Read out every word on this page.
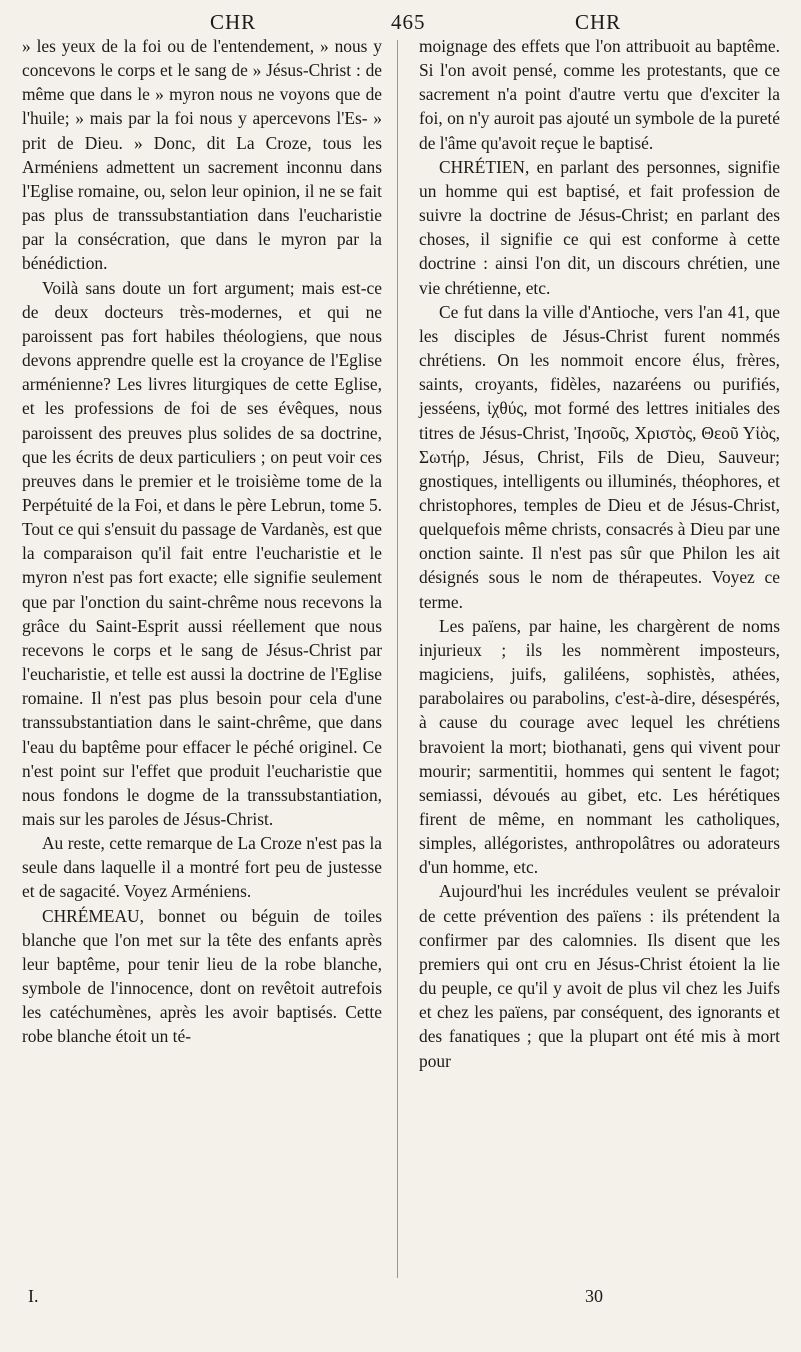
CHR	465	CHR

» les yeux de la foi ou de l'entendement, » nous y concevons le corps et le sang de » Jésus-Christ : de même que dans le » myron nous ne voyons que de l'huile; » mais par la foi nous y apercevons l'Es- » prit de Dieu. » Donc, dit La Croze, tous les Arméniens admettent un sacrement inconnu dans l'Eglise romaine, ou, selon leur opinion, il ne se fait pas plus de transsubstantiation dans l'eucharistie par la consécration, que dans le myron par la bénédiction.

Voilà sans doute un fort argument; mais est-ce de deux docteurs très-modernes, et qui ne paroissent pas fort habiles théologiens, que nous devons apprendre quelle est la croyance de l'Eglise arménienne? Les livres liturgiques de cette Eglise, et les professions de foi de ses évêques, nous paroissent des preuves plus solides de sa doctrine, que les écrits de deux particuliers ; on peut voir ces preuves dans le premier et le troisième tome de la Perpétuité de la Foi, et dans le père Lebrun, tome 5. Tout ce qui s'ensuit du passage de Vardanès, est que la comparaison qu'il fait entre l'eucharistie et le myron n'est pas fort exacte; elle signifie seulement que par l'onction du saint-chrême nous recevons la grâce du Saint-Esprit aussi réellement que nous recevons le corps et le sang de Jésus-Christ par l'eucharistie, et telle est aussi la doctrine de l'Eglise romaine. Il n'est pas plus besoin pour cela d'une transsubstantiation dans le saint-chrême, que dans l'eau du baptême pour effacer le péché originel. Ce n'est point sur l'effet que produit l'eucharistie que nous fondons le dogme de la transsubstantiation, mais sur les paroles de Jésus-Christ.

Au reste, cette remarque de La Croze n'est pas la seule dans laquelle il a montré fort peu de justesse et de sagacité. Voyez Arméniens.

CHRÉMEAU, bonnet ou béguin de toiles blanche que l'on met sur la tête des enfants après leur baptême, pour tenir lieu de la robe blanche, symbole de l'innocence, dont on revêtoit autrefois les catéchumènes, après les avoir baptisés. Cette robe blanche étoit un té-

moignage des effets que l'on attribuoit au baptême. Si l'on avoit pensé, comme les protestants, que ce sacrement n'a point d'autre vertu que d'exciter la foi, on n'y auroit pas ajouté un symbole de la pureté de l'âme qu'avoit reçue le baptisé.

CHRÉTIEN, en parlant des personnes, signifie un homme qui est baptisé, et fait profession de suivre la doctrine de Jésus-Christ; en parlant des choses, il signifie ce qui est conforme à cette doctrine : ainsi l'on dit, un discours chrétien, une vie chrétienne, etc.

Ce fut dans la ville d'Antioche, vers l'an 41, que les disciples de Jésus-Christ furent nommés chrétiens. On les nommoit encore élus, frères, saints, croyants, fidèles, nazaréens ou purifiés, jesséens, ἰχθύς, mot formé des lettres initiales des titres de Jésus-Christ, Ἰησοῦς, Χριστὸς, Θεοῦ Υἱὸς, Σωτήρ, Jésus, Christ, Fils de Dieu, Sauveur; gnostiques, intelligents ou illuminés, théophores, et christophores, temples de Dieu et de Jésus-Christ, quelquefois même christs, consacrés à Dieu par une onction sainte. Il n'est pas sûr que Philon les ait désignés sous le nom de thérapeutes. Voyez ce terme.

Les païens, par haine, les chargèrent de noms injurieux ; ils les nommèrent imposteurs, magiciens, juifs, galiléens, sophistès, athées, parabolaires ou parabolins, c'est-à-dire, désespérés, à cause du courage avec lequel les chrétiens bravoient la mort; biothanati, gens qui vivent pour mourir; sarmentitii, hommes qui sentent le fagot; semiassi, dévoués au gibet, etc. Les hérétiques firent de même, en nommant les catholiques, simples, allégoristes, anthropolâtres ou adorateurs d'un homme, etc.

Aujourd'hui les incrédules veulent se prévaloir de cette prévention des païens : ils prétendent la confirmer par des calomnies. Ils disent que les premiers qui ont cru en Jésus-Christ étoient la lie du peuple, ce qu'il y avoit de plus vil chez les Juifs et chez les païens, par conséquent, des ignorants et des fanatiques ; que la plupart ont été mis à mort pour

I.	30
